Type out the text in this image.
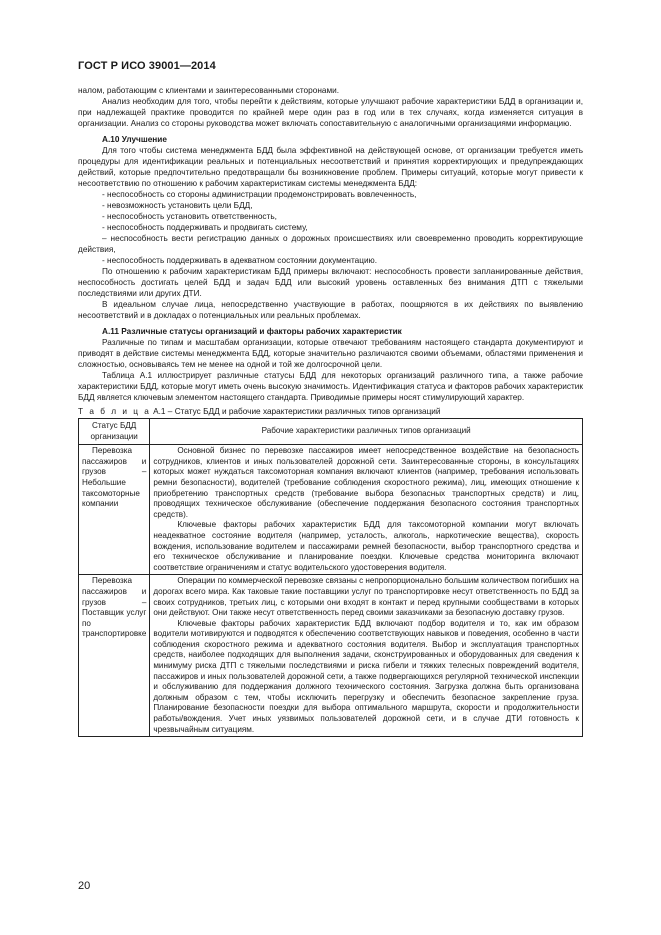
ГОСТ Р ИСО 39001—2014

налом, работающим с клиентами и заинтересованными сторонами.

Анализ необходим для того, чтобы перейти к действиям, которые улучшают рабочие характеристики БДД в организации и, при надлежащей практике проводится по крайней мере один раз в год или в тех случаях, когда изменяется ситуация в организации. Анализ со стороны руководства может включать сопоставительную с аналогичными организациями информацию.

А.10 Улучшение

Для того чтобы система менеджмента БДД была эффективной на действующей основе, от организации требуется иметь процедуры для идентификации реальных и потенциальных несоответствий и принятия корректирующих и предупреждающих действий, которые предпочтительно предотвращали бы возникновение проблем. Примеры ситуаций, которые могут привести к несоответствию по отношению к рабочим характеристикам системы менеджмента БДД:

- неспособность со стороны администрации продемонстрировать вовлеченность,

- невозможность установить цели БДД,

- неспособность установить ответственность,

- неспособность поддерживать и продвигать систему,

– неспособность вести регистрацию данных о дорожных происшествиях или своевременно проводить корректирующие действия,

- неспособность поддерживать в адекватном состоянии документацию.

По отношению к рабочим характеристикам БДД примеры включают: неспособность провести запланированные действия, неспособность достигать целей БДД и задач БДД или высокий уровень оставленных без внимания ДТП с тяжелыми последствиями или других ДТИ.

В идеальном случае лица, непосредственно участвующие в работах, поощряются в их действиях по выявлению несоответствий и в докладах о потенциальных или реальных проблемах.

А.11 Различные статусы организаций и факторы рабочих характеристик

Различные по типам и масштабам организации, которые отвечают требованиям настоящего стандарта документируют и приводят в действие системы менеджмента БДД, которые значительно различаются своими объемами, областями применения и сложностью, основываясь тем не менее на одной и той же долгосрочной цели.

Таблица А.1 иллюстрирует различные статусы БДД для некоторых организаций различного типа, а также рабочие характеристики БДД, которые могут иметь очень высокую значимость. Идентификация статуса и факторов рабочих характеристик БДД является ключевым элементом настоящего стандарта. Приводимые примеры носят стимулирующий характер.

Т а б л и ц а А.1 – Статус БДД и рабочие характеристики различных типов организаций
Статус БДД организации	Рабочие характеристики различных типов организаций

Перевозка пассажиров и грузов – Небольшие таксомоторные компании	Основной бизнес по перевозке пассажиров имеет непосредственное воздействие на безопасность сотрудников, клиентов и иных пользователей дорожной сети. Заинтересованные стороны, в консультациях которых может нуждаться таксомоторная компания включают клиентов (например, требования использовать ремни безопасности), водителей (требование соблюдения скоростного режима), лиц, имеющих отношение к приобретению транспортных средств (требование выбора безопасных транспортных средств) и лиц, проводящих техническое обслуживание (обеспечение поддержания безопасного состояния транспортных средств).

Ключевые факторы рабочих характеристик БДД для таксомоторной компании могут включать неадекватное состояние водителя (например, усталость, алкоголь, наркотические вещества), скорость вождения, использование водителем и пассажирами ремней безопасности, выбор транспортного средства и его техническое обслуживание и планирование поездки. Ключевые средства мониторинга включают соответствие ограничениям и статус водительского удостоверения водителя.

Перевозка пассажиров и грузов – Поставщик услуг по транспортировке	Операции по коммерческой перевозке связаны с непропорционально большим количеством погибших на дорогах всего мира. Как таковые такие поставщики услуг по транспортировке несут ответственность по БДД за своих сотрудников, третьих лиц, с которыми они входят в контакт и перед крупными сообществами в которых они действуют. Они также несут ответственность перед своими заказчиками за безопасную доставку грузов.

Ключевые факторы рабочих характеристик БДД включают подбор водителя и то, как им образом водители мотивируются и подводятся к обеспечению соответствующих навыков и поведения, особенно в части соблюдения скоростного режима и адекватного состояния водителя. Выбор и эксплуатация транспортных средств, наиболее подходящих для выполнения задачи, сконструированных и оборудованных для сведения к минимуму риска ДТП с тяжелыми последствиями и риска гибели и тяжких телесных повреждений водителя, пассажиров и иных пользователей дорожной сети, а также подвергающихся регулярной технической инспекции и обслуживанию для поддержания должного технического состояния. Загрузка должна быть организована должным образом с тем, чтобы исключить перегрузку и обеспечить безопасное закрепление груза. Планирование безопасности поездки для выбора оптимального маршрута, скорости и продолжительности работы/вождения. Учет иных уязвимых пользователей дорожной сети, и в случае ДТИ готовность к чрезвычайным ситуациям.

20
